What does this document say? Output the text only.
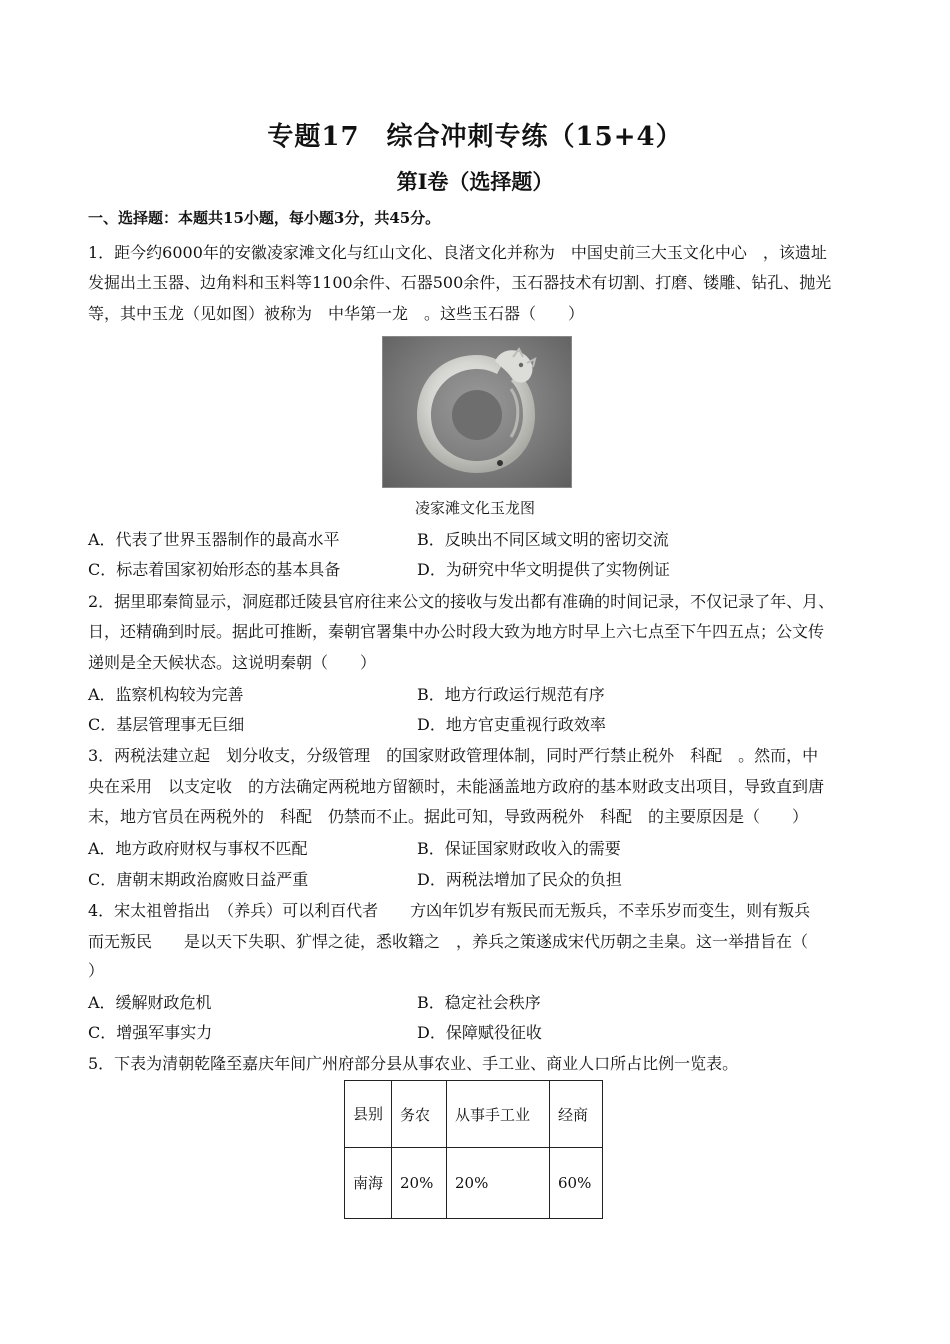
专题17　综合冲刺专练（15+4）
第I卷（选择题）
一、选择题：本题共15小题，每小题3分，共45分。
1．距今约6000年的安徽凌家滩文化与红山文化、良渚文化并称为　中国史前三大玉文化中心　，该遗址
发掘出土玉器、边角料和玉料等1100余件、石器500余件，玉石器技术有切割、打磨、镂雕、钻孔、抛光
等，其中玉龙（见如图）被称为　中华第一龙　。这些玉石器（　　）
凌家滩文化玉龙图
A．代表了世界玉器制作的最高水平	B．反映出不同区域文明的密切交流
C．标志着国家初始形态的基本具备	D．为研究中华文明提供了实物例证
2．据里耶秦简显示，洞庭郡迁陵县官府往来公文的接收与发出都有准确的时间记录，不仅记录了年、月、
日，还精确到时辰。据此可推断，秦朝官署集中办公时段大致为地方时早上六七点至下午四五点；公文传
递则是全天候状态。这说明秦朝（　　）
A．监察机构较为完善	B．地方行政运行规范有序
C．基层管理事无巨细	D．地方官吏重视行政效率
3．两税法建立起　划分收支，分级管理　的国家财政管理体制，同时严行禁止税外　科配　。然而，中
央在采用　以支定收　的方法确定两税地方留额时，未能涵盖地方政府的基本财政支出项目，导致直到唐
末，地方官员在两税外的　科配　仍禁而不止。据此可知，导致两税外　科配　的主要原因是（　　）
A．地方政府财权与事权不匹配	B．保证国家财政收入的需要
C．唐朝末期政治腐败日益严重	D．两税法增加了民众的负担
4．宋太祖曾指出　（养兵）可以利百代者　　方凶年饥岁有叛民而无叛兵，不幸乐岁而变生，则有叛兵
而无叛民　　是以天下失职、犷悍之徒，悉收籍之　，养兵之策遂成宋代历朝之圭臬。这一举措旨在（
）
A．缓解财政危机	B．稳定社会秩序
C．增强军事实力	D．保障赋役征收
5．下表为清朝乾隆至嘉庆年间广州府部分县从事农业、手工业、商业人口所占比例一览表。
县别	务农	从事手工业	经商
南海	20%	20%	60%
